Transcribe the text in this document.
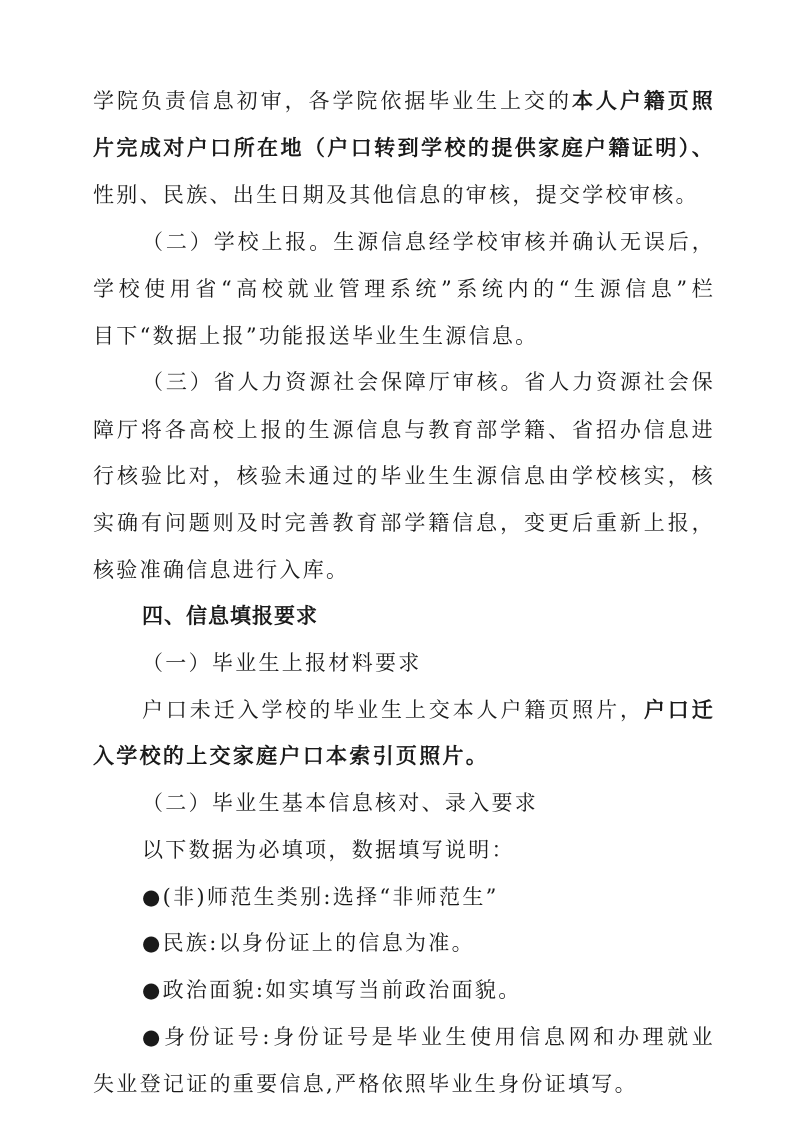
学院负责信息初审，各学院依据毕业生上交的本人户籍页照
片完成对户口所在地（户口转到学校的提供家庭户籍证明）、
性别、民族、出生日期及其他信息的审核，提交学校审核。
（二）学校上报。生源信息经学校审核并确认无误后，
学校使用省“高校就业管理系统”系统内的“生源信息”栏
目下“数据上报”功能报送毕业生生源信息。
（三）省人力资源社会保障厅审核。省人力资源社会保
障厅将各高校上报的生源信息与教育部学籍、省招办信息进
行核验比对，核验未通过的毕业生生源信息由学校核实，核
实确有问题则及时完善教育部学籍信息，变更后重新上报，
核验准确信息进行入库。
四、信息填报要求
（一）毕业生上报材料要求
户口未迁入学校的毕业生上交本人户籍页照片，户口迁
入学校的上交家庭户口本索引页照片。
（二）毕业生基本信息核对、录入要求
以下数据为必填项，数据填写说明：
●(非)师范生类别:选择“非师范生”
●民族:以身份证上的信息为准。
●政治面貌:如实填写当前政治面貌。
●身份证号:身份证号是毕业生使用信息网和办理就业
失业登记证的重要信息,严格依照毕业生身份证填写。
